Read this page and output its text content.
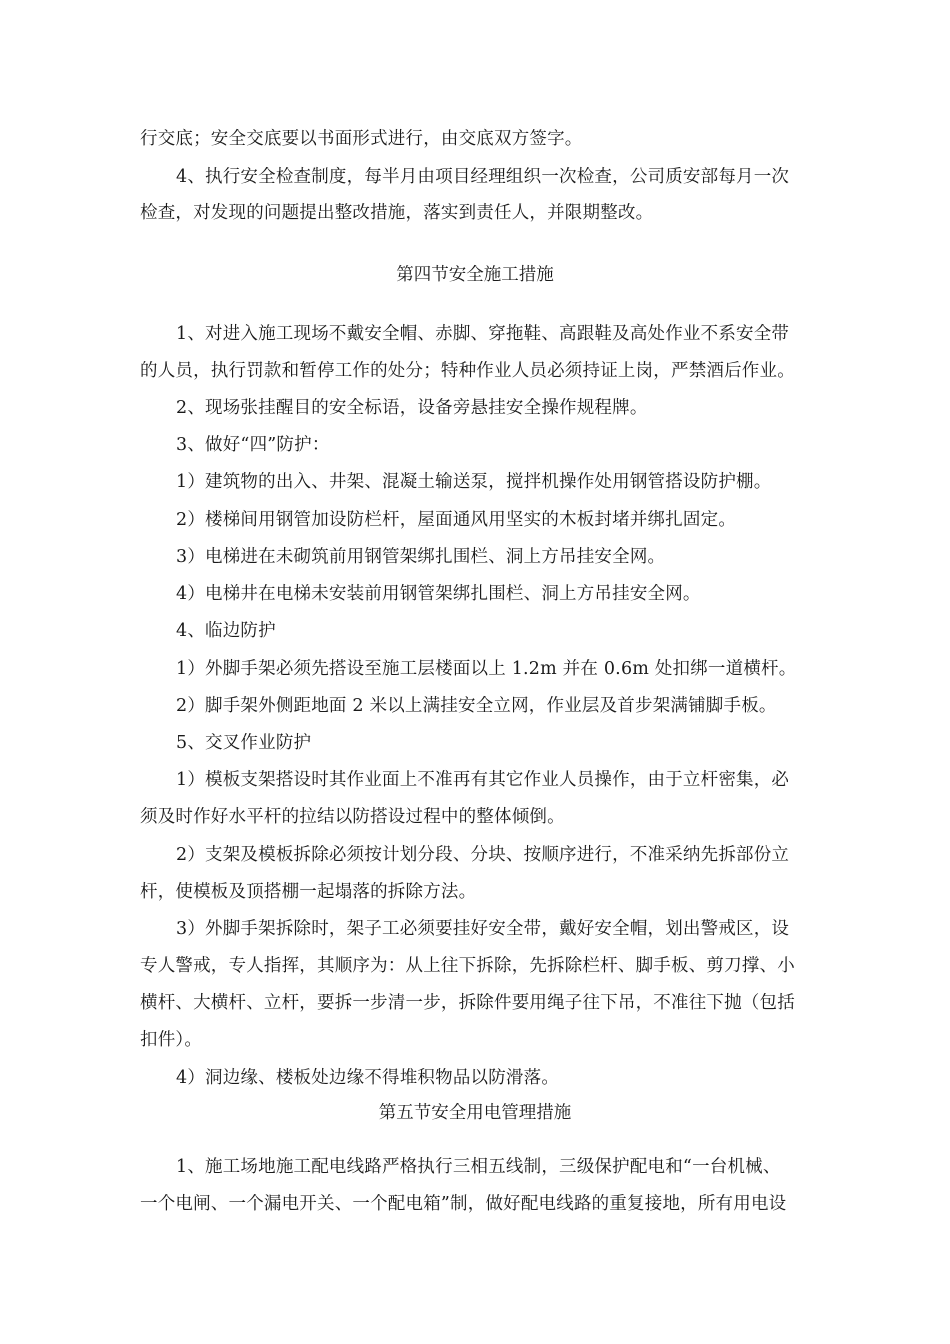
行交底；安全交底要以书面形式进行，由交底双方签字。
4、执行安全检查制度，每半月由项目经理组织一次检查，公司质安部每月一次
检查，对发现的问题提出整改措施，落实到责任人，并限期整改。
第四节安全施工措施
1、对进入施工现场不戴安全帽、赤脚、穿拖鞋、高跟鞋及高处作业不系安全带
的人员，执行罚款和暂停工作的处分；特种作业人员必须持证上岗，严禁酒后作业。
2、现场张挂醒目的安全标语，设备旁悬挂安全操作规程牌。
3、做好“四”防护：
1）建筑物的出入、井架、混凝土输送泵，搅拌机操作处用钢管搭设防护棚。
2）楼梯间用钢管加设防栏杆，屋面通风用坚实的木板封堵并绑扎固定。
3）电梯进在未砌筑前用钢管架绑扎围栏、洞上方吊挂安全网。
4）电梯井在电梯未安装前用钢管架绑扎围栏、洞上方吊挂安全网。
4、临边防护
1）外脚手架必须先搭设至施工层楼面以上 1.2m 并在 0.6m 处扣绑一道横杆。
2）脚手架外侧距地面 2 米以上满挂安全立网，作业层及首步架满铺脚手板。
5、交叉作业防护
1）模板支架搭设时其作业面上不准再有其它作业人员操作，由于立杆密集，必
须及时作好水平杆的拉结以防搭设过程中的整体倾倒。
2）支架及模板拆除必须按计划分段、分块、按顺序进行，不准采纳先拆部份立
杆，使模板及顶搭棚一起塌落的拆除方法。
3）外脚手架拆除时，架子工必须要挂好安全带，戴好安全帽，划出警戒区，设
专人警戒，专人指挥，其顺序为：从上往下拆除，先拆除栏杆、脚手板、剪刀撑、小
横杆、大横杆、立杆，要拆一步清一步，拆除件要用绳子往下吊，不准往下抛（包括
扣件）。
4）洞边缘、楼板处边缘不得堆积物品以防滑落。
第五节安全用电管理措施
1、施工场地施工配电线路严格执行三相五线制，三级保护配电和“一台机械、
一个电闸、一个漏电开关、一个配电箱”制，做好配电线路的重复接地，所有用电设
